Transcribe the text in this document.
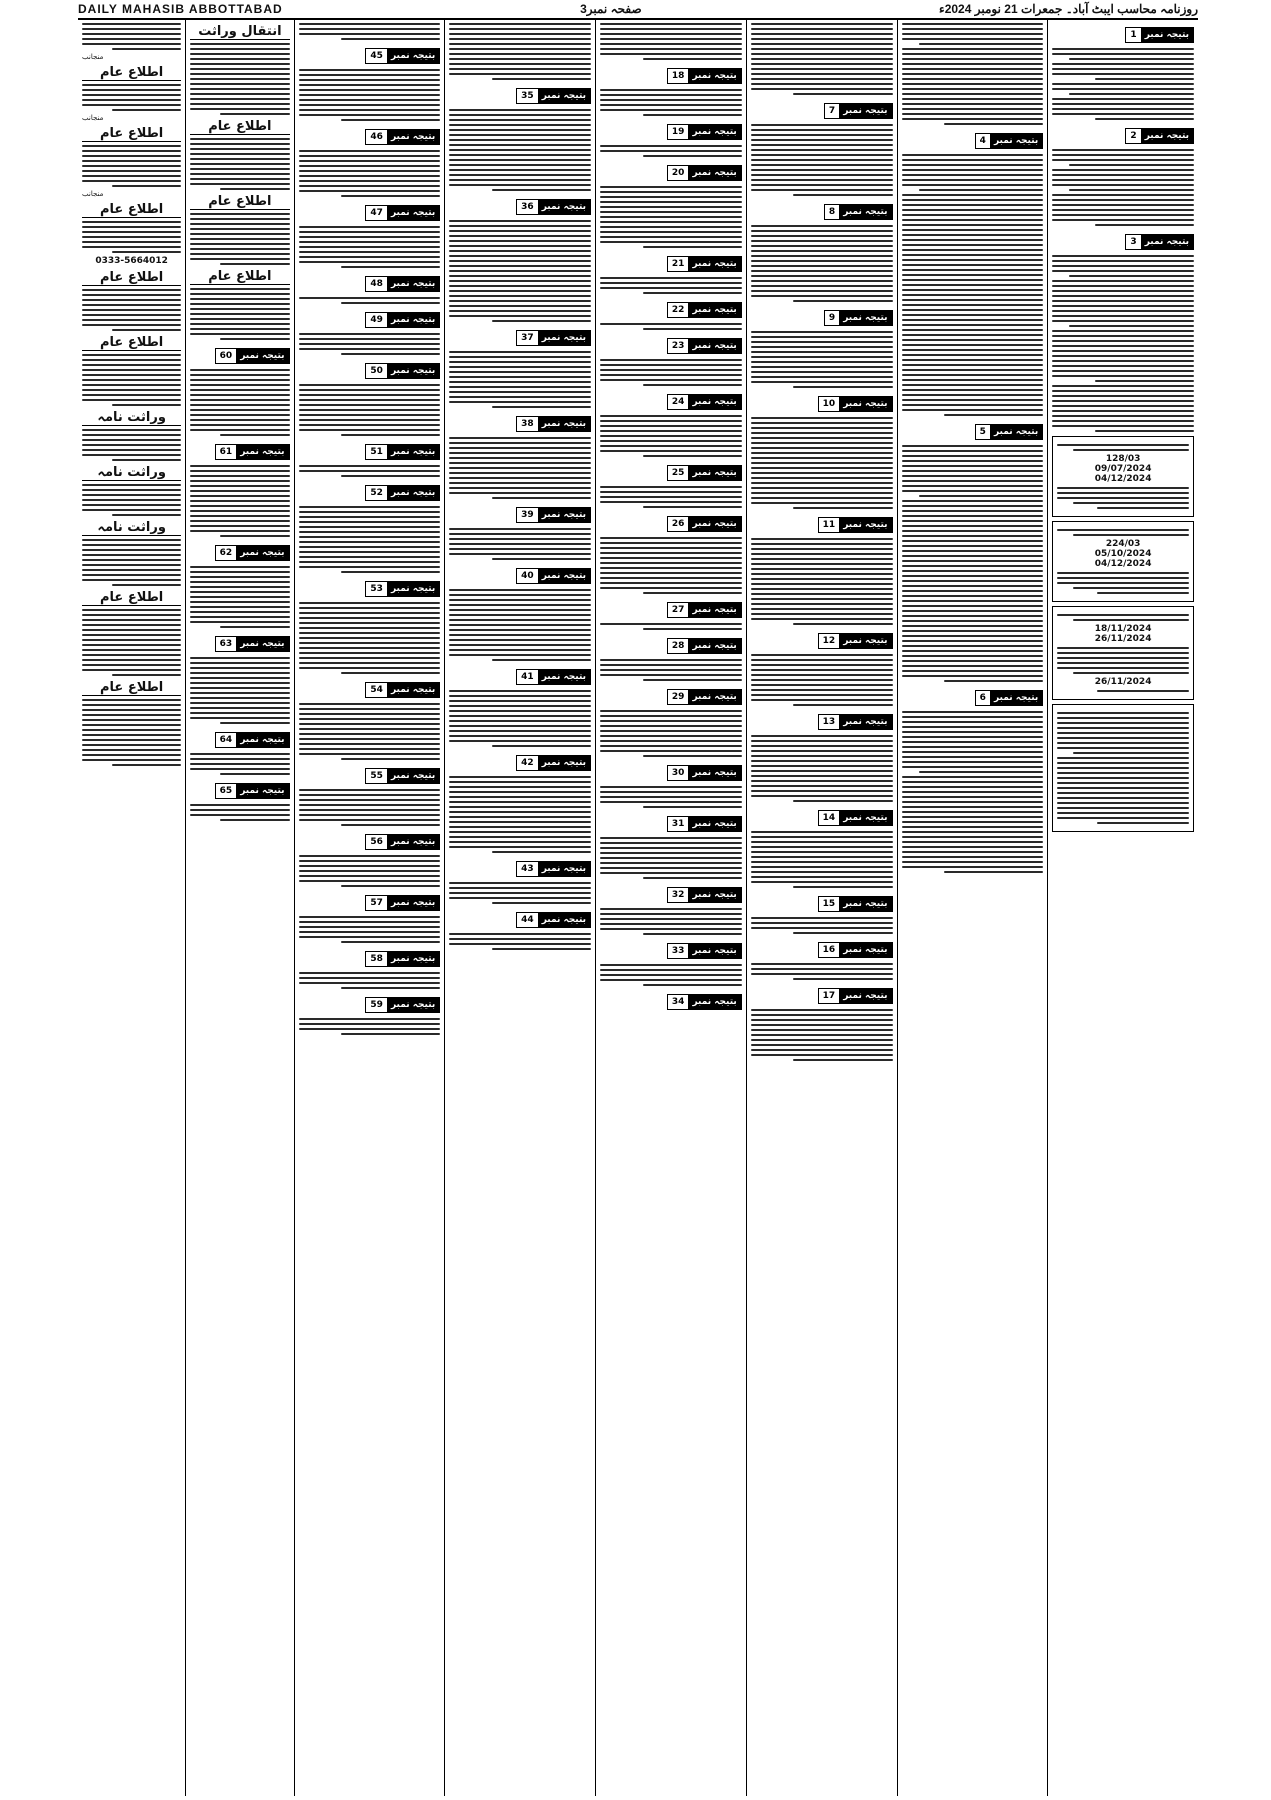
DAILY MAHASIB ABBOTTABAD	صفحہ نمبر3	روزنامہ محاسب ایبٹ آباد۔ جمعرات 21 نومبر 2024ء
بتیجہ نمبر
1
بتیجہ نمبر
2
بتیجہ نمبر
3
128/03
09/07/2024
04/12/2024
224/03
05/10/2024
04/12/2024
18/11/2024
26/11/2024
26/11/2024
بتیجہ نمبر
4
بتیجہ نمبر
5
بتیجہ نمبر
6
بتیجہ نمبر
7
بتیجہ نمبر
8
بتیجہ نمبر
9
بتیجہ نمبر
10
بتیجہ نمبر
11
بتیجہ نمبر
12
بتیجہ نمبر
13
بتیجہ نمبر
14
بتیجہ نمبر
15
بتیجہ نمبر
16
بتیجہ نمبر
17
بتیجہ نمبر
18
بتیجہ نمبر
19
بتیجہ نمبر
20
بتیجہ نمبر
21
بتیجہ نمبر
22
بتیجہ نمبر
23
بتیجہ نمبر
24
بتیجہ نمبر
25
بتیجہ نمبر
26
بتیجہ نمبر
27
بتیجہ نمبر
28
بتیجہ نمبر
29
بتیجہ نمبر
30
بتیجہ نمبر
31
بتیجہ نمبر
32
بتیجہ نمبر
33
بتیجہ نمبر
34
بتیجہ نمبر
35
بتیجہ نمبر
36
بتیجہ نمبر
37
بتیجہ نمبر
38
بتیجہ نمبر
39
بتیجہ نمبر
40
بتیجہ نمبر
41
بتیجہ نمبر
42
بتیجہ نمبر
43
بتیجہ نمبر
44
بتیجہ نمبر
45
بتیجہ نمبر
46
بتیجہ نمبر
47
بتیجہ نمبر
48
بتیجہ نمبر
49
بتیجہ نمبر
50
بتیجہ نمبر
51
بتیجہ نمبر
52
بتیجہ نمبر
53
بتیجہ نمبر
54
بتیجہ نمبر
55
بتیجہ نمبر
56
بتیجہ نمبر
57
بتیجہ نمبر
58
بتیجہ نمبر
59
انتقال وراثت
اطلاع عام
اطلاع عام
اطلاع عام
بتیجہ نمبر
60
بتیجہ نمبر
61
بتیجہ نمبر
62
بتیجہ نمبر
63
بتیجہ نمبر
64
بتیجہ نمبر
65
منجانب
اطلاع عام
منجانب
اطلاع عام
منجانب
اطلاع عام
0333-5664012
اطلاع عام
اطلاع عام
وراثت نامہ
وراثت نامہ
وراثت نامہ
اطلاع عام
اطلاع عام
